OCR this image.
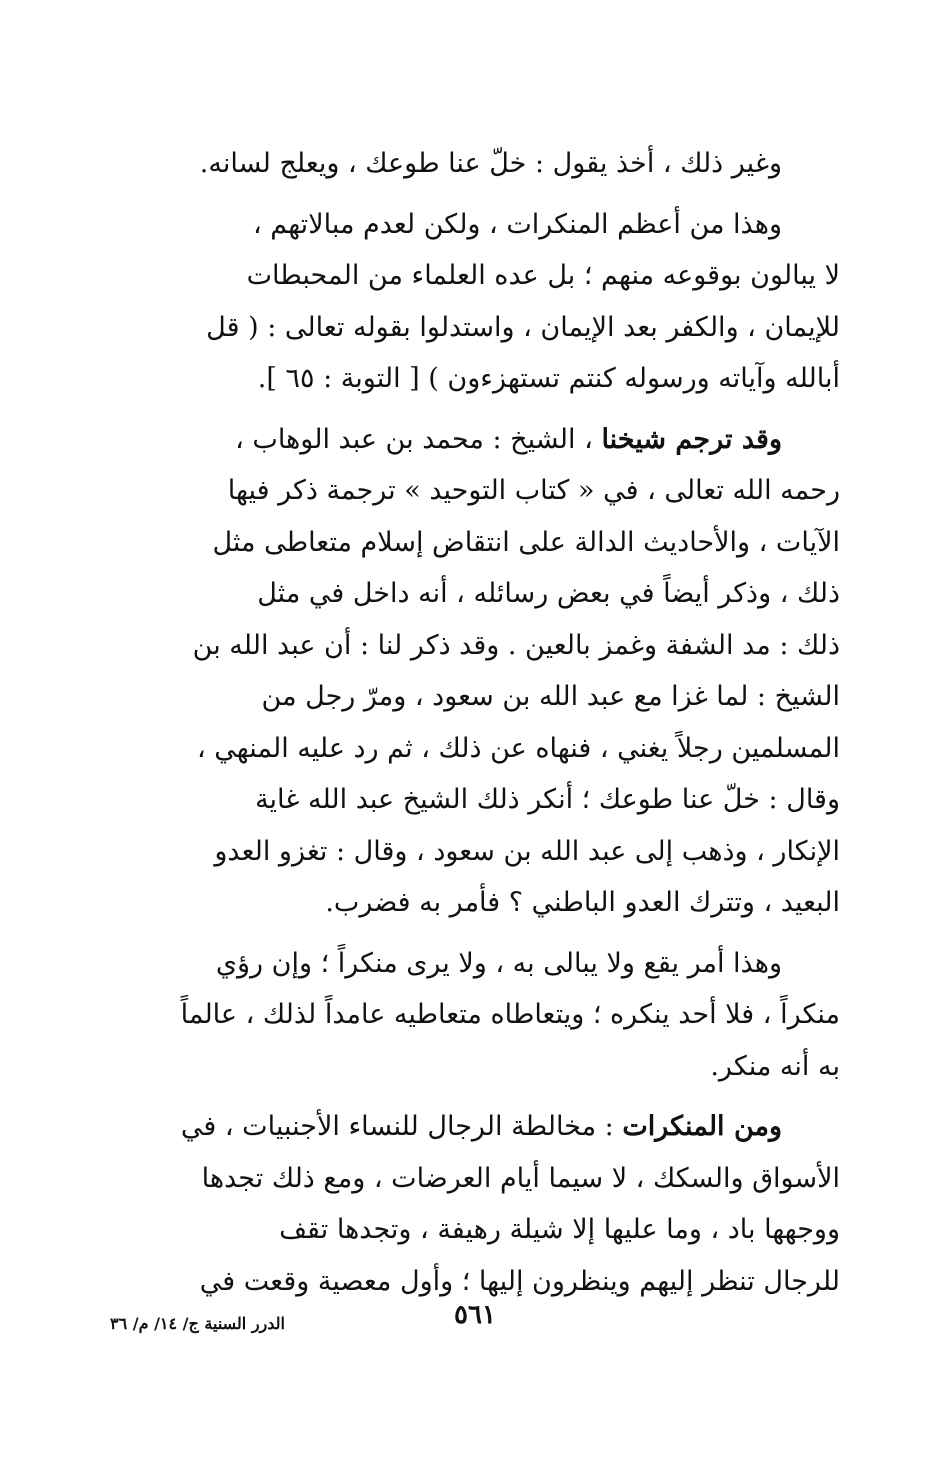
وغير ذلك ، أخذ يقول : خلّ عنا طوعك ، ويعلج لسانه.

وهذا من أعظم المنكرات ، ولكن لعدم مبالاتهم ،
لا يبالون بوقوعه منهم ؛ بل عده العلماء من المحبطات
للإيمان ، والكفر بعد الإيمان ، واستدلوا بقوله تعالى : ( قل
أبالله وآياته ورسوله كنتم تستهزءون ) [ التوبة : ٦٥ ].

وقد ترجم شيخنا ، الشيخ : محمد بن عبد الوهاب ،
رحمه الله تعالى ، في « كتاب التوحيد » ترجمة ذكر فيها
الآيات ، والأحاديث الدالة على انتقاض إسلام متعاطى مثل
ذلك ، وذكر أيضاً في بعض رسائله ، أنه داخل في مثل
ذلك : مد الشفة وغمز بالعين . وقد ذكر لنا : أن عبد الله بن
الشيخ : لما غزا مع عبد الله بن سعود ، ومرّ رجل من
المسلمين رجلاً يغني ، فنهاه عن ذلك ، ثم رد عليه المنهي ،
وقال : خلّ عنا طوعك ؛ أنكر ذلك الشيخ عبد الله غاية
الإنكار ، وذهب إلى عبد الله بن سعود ، وقال : تغزو العدو
البعيد ، وتترك العدو الباطني ؟ فأمر به فضرب.

وهذا أمر يقع ولا يبالى به ، ولا يرى منكراً ؛ وإن رؤي
منكراً ، فلا أحد ينكره ؛ ويتعاطاه متعاطيه عامداً لذلك ، عالماً
به أنه منكر.

ومن المنكرات : مخالطة الرجال للنساء الأجنبيات ، في
الأسواق والسكك ، لا سيما أيام العرضات ، ومع ذلك تجدها
ووجهها باد ، وما عليها إلا شيلة رهيفة ، وتجدها تقف
للرجال تنظر إليهم وينظرون إليها ؛ وأول معصية وقعت في

٥٦١
الدرر السنية ج/ ١٤/ م/ ٣٦
